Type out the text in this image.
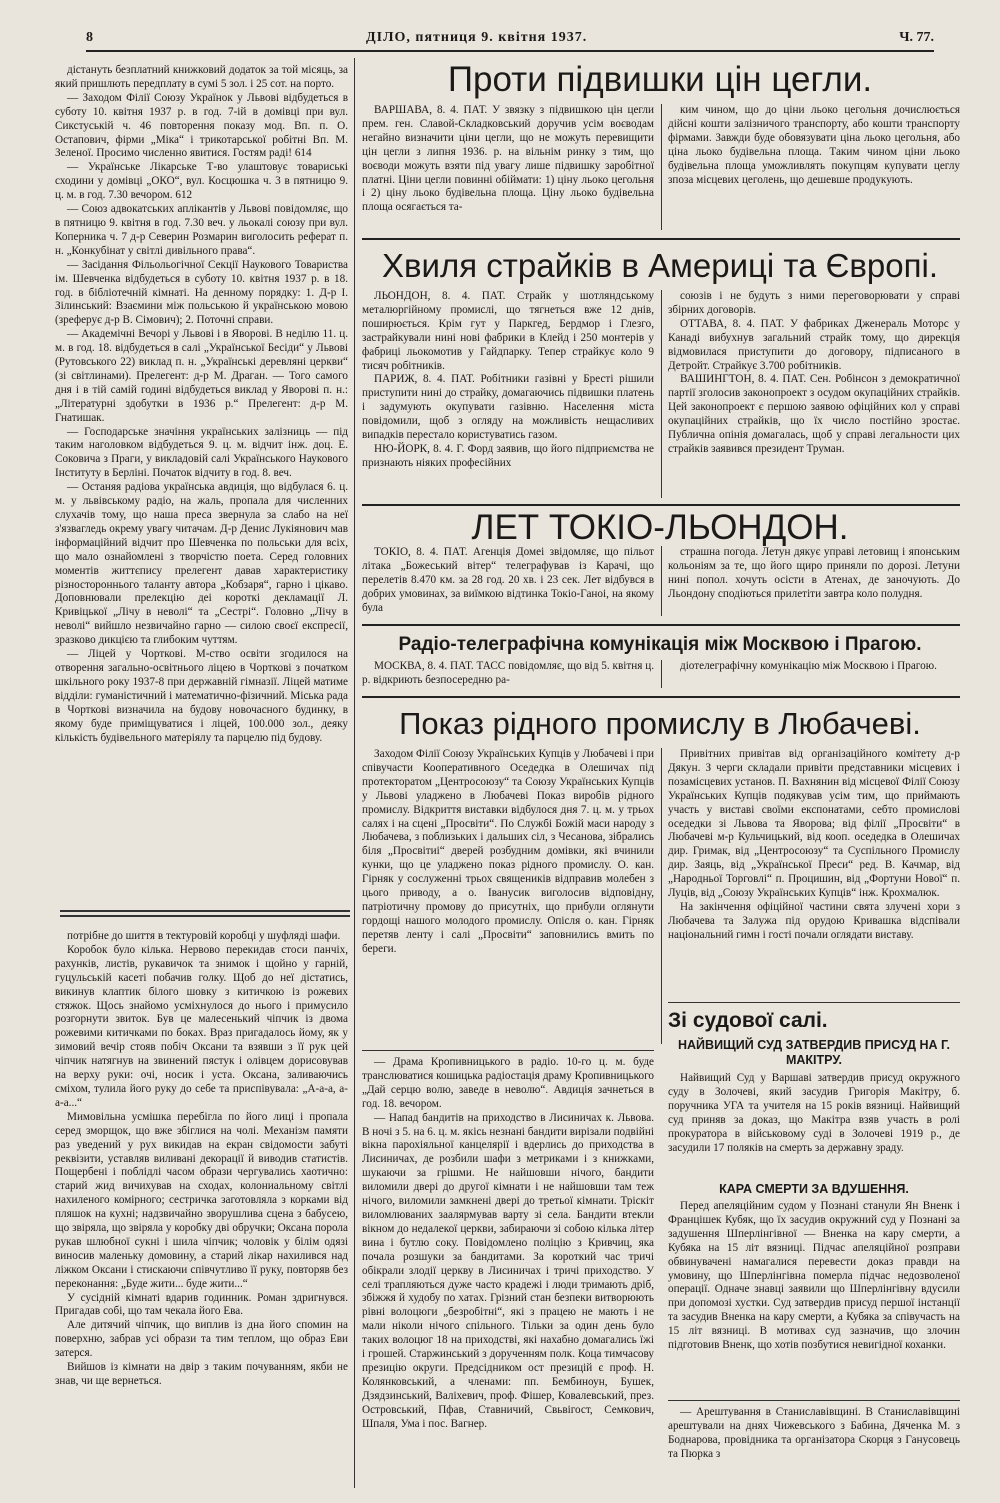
8	ДІЛО, пятниця 9. квітня 1937.	Ч. 77.

дістануть безплатний книжковий додаток за той місяць, за який пришлють передплату в сумі 5 зол. і 25 сот. на порто.

— Заходом Філії Союзу Українок у Львові відбудеться в суботу 10. квітня 1937 р. в год. 7-ій в домівці при вул. Сикстуській ч. 46 повторення показу мод. Вп. п. О. Остапович, фірми „Міка“ і трикотарської робітні Вп. М. Зеленої. Просимо численно явитися. Гостям раді! 614

— Українське Лікарське Т-во улаштовує товариські сходини у домівці „ОКО“, вул. Косцюшка ч. 3 в пятницю 9. ц. м. в год. 7.30 вечором. 612

— Союз адвокатських аплікантів у Львові повідомляє, що в пятницю 9. квітня в год. 7.30 веч. у льокалі союзу при вул. Коперника ч. 7 д-р Северин Розмарин виголосить реферат п. н. „Конкубінат у світлі дивільного права“.

— Засідання Фільольогічної Секції Наукового Товариства ім. Шевченка відбудеться в суботу 10. квітня 1937 р. в 18. год. в бібліотечній кімнаті. На денному порядку: 1. Д-р І. Зілинський: Взаємини між польською й українською мовою (зреферує д-р В. Сімович); 2. Поточні справи.

— Академічні Вечорі у Львові і в Яворові. В неділю 11. ц. м. в год. 18. відбудеться в салі „Української Бесіди“ у Львові (Рутовського 22) виклад п. н. „Українські деревляні церкви“ (зі світлинами). Прелегент: д-р М. Драган. — Того самого дня і в тій самій годині відбудеться виклад у Яворові п. н.: „Літературні здобутки в 1936 р.“ Прелегент: д-р М. Гнатишак.

— Господарське значіння українських залізниць — під таким наголовком відбудеться 9. ц. м. відчит інж. доц. Е. Соковича з Праги, у викладовій салі Українського Наукового Інституту в Берліні. Початок відчиту в год. 8. веч.

— Останяя радіова українська авдиція, що відбулася 6. ц. м. у львівському радіо, на жаль, пропала для численних слухачів тому, що наша преса звернула за слабо на неї з'язвагледь окрему увагу читачам. Д-р Денис Лукіянович мав інформаційний відчит про Шевченка по польськи для всіх, що мало ознайомлені з творчістю поета. Серед головних моментів життєпису прелегент давав характеристику різностороннього таланту автора „Кобзаря“, гарно і цікаво. Доповнювали прелекцію деі короткі декламації Л. Кривіцької „Лічу в неволі“ та „Сестрі“. Головно „Лічу в неволі“ вийшло незвичайно гарно — силою своєї експресії, зразково дикцією та глибоким чуттям.

— Ліцей у Чорткові. М-ство освіти згодилося на отворення загально-освітнього ліцею в Чорткові з початком шкільного року 1937-8 при державній гімназії. Ліцей матиме відділи: гуманістичний і математично-фізичний. Міська рада в Чорткові визначила на будову новочасного будинку, в якому буде приміщуватися і ліцей, 100.000 зол., деяку кількість будівельного матеріялу та парцелю під будову.

потрібне до шиття в тектуровій коробці у шуфляді шафи.

Коробок було кілька. Нервово перекидав стоси панчіх, рахунків, листів, рукавичок та знимок і щойно у гарній, гуцульській касеті побачив голку. Щоб до неї дістатись, викинув клаптик білого шовку з китичкою із рожевих стяжок. Щось знайомо усміхнулося до нього і примусило розгорнути звиток. Був це малесенький чіпчик із двома рожевими китичками по боках. Враз пригадалось йому, як у зимовий вечір стояв побіч Оксани та взявши з її рук цей чіпчик натягнув на звинений пястук і олівцем дорисовував на верху руки: очі, носик і уста. Оксана, заливаючись сміхом, тулила його руку до себе та приспівувала: „А-а-а, а-а-а...“

Мимовільна усмішка перебігла по його лиці і пропала серед зморщок, що вже збіглися на чолі. Механізм памяти раз уведений у рух викидав на екран свідомости забуті реквізити, уставляв виливані декорації й виводив статистів. Пощербені і поблідлі часом образи чергувались хаотично: старий жид вичихував на сходах, колониальному світлі нахиленого комірного; сестричка заготовляла з корками від пляшок на кухні; надзвичайно зворушлива сцена з бабусею, що звіряла, що звіряла у коробку дві обручки; Оксана порола рукав шлюбної сукні і шила чіпчик; чоловік у білім одязі виносив маленьку домовину, а старий лікар нахилився над ліжком Оксани і стискаючи співчутливо її руку, повторяв без переконання: „Буде жити... буде жити...“

У сусідній кімнаті вдарив годинник. Роман здригнувся. Пригадав собі, що там чекала його Ева.

Але дитячий чіпчик, що виплив із дна його спомин на поверхню, забрав усі образи та тим теплом, що образ Еви затерся.

Вийшов із кімнати на двір з таким почуванням, якби не знав, чи ще вернеться.

Проти підвишки цін цегли.

ВАРШАВА, 8. 4. ПАТ. У звязку з підвишкою цін цегли прем. ген. Славой-Складковський доручив усім воєводам негайно визначити ціни цегли, що не можуть перевищити цін цегли з липня 1936. р. на вільнім ринку з тим, що воєводи можуть взяти під увагу лише підвишку заробітної платні. Ціни цегли повинні обіймати: 1) ціну льоко цегольня і 2) ціну льоко будівельна площа. Ціну льоко будівельна площа осягається та-

ким чином, що до ціни льоко цегольня дочислюється дійсні кошти залізничого транспорту, або кошти транспорту фірмами. Завжди буде обовязувати ціна льоко цегольня, або ціна льоко будівельна площа. Таким чином ціни льоко будівельна площа уможливлять покупцям купувати цеглу зпоза місцевих цеголень, що дешевше продукують.

Хвиля страйків в Америці та Європі.

ЛЬОНДОН, 8. 4. ПАТ. Страйк у шотляндському металюргійному промислі, що тягнеться вже 12 днів, поширюється. Крім гут у Паркгед, Бердмор і Глезго, застрайкували нині нові фабрики в Клейд і 250 монтерів у фабриці льокомотив у Гайдпарку. Тепер страйкує коло 9 тисяч робітників.

ПАРИЖ, 8. 4. ПАТ. Робітники газівні у Бресті рішили приступити нині до страйку, домагаючись підвишки платень і задумують окупувати газівню. Населення міста повідомили, щоб з огляду на можливість нещасливих випадків перестало користуватись газом.

НЮ-ЙОРК, 8. 4. Г. Форд заявив, що його підприємства не признають ніяких професійних

союзів і не будуть з ними переговорювати у справі збірних договорів.

ОТТАВА, 8. 4. ПАТ. У фабриках Дженераль Моторс у Канаді вибухнув загальний страйк тому, що дирекція відмовилася приступити до договору, підписаного в Детройт. Страйкує 3.700 робітників.

ВАШИНГТОН, 8. 4. ПАТ. Сен. Робінсон з демократичної партії зголосив законопроект з осудом окупаційних страйків. Цей законопроект є першою заявою офіційних кол у справі окупаційних страйків, що їх число постійно зростає. Публична опінія домагалась, щоб у справі легальности цих страйків заявився президент Труман.

ЛЕТ ТОКІО-ЛЬОНДОН.

ТОКІО, 8. 4. ПАТ. Агенція Домеі звідомляє, що пільот літака „Божеський вітер“ телеграфував із Карачі, що перелетів 8.470 км. за 28 год. 20 хв. і 23 сек. Лет відбувся в добрих умовинах, за виїмкою відтинка Токіо-Ганоі, на якому була

страшна погода. Летун дякує управі летовищ і японським кольоніям за те, що його щиро приняли по дорозі. Летуни нині попол. хочуть осісти в Атенах, де заночують. До Льондону сподіються прилетіти завтра коло полудня.

Радіо-телеграфічна комунікація між Москвою і Прагою.

МОСКВА, 8. 4. ПАТ. ТАСС повідомляє, що від 5. квітня ц. р. відкриють безпосередню ра-

діотелеграфічну комунікацію між Москвою і Прагою.

Показ рідного промислу в Любачеві.

Заходом Філії Союзу Українських Купців у Любачеві і при співучасти Кооперативного Оседедка в Олешичах під протекторатом „Центросоюзу“ та Союзу Українських Купців у Львові уладжено в Любачеві Показ виробів рідного промислу. Відкриття виставки відбулося дня 7. ц. м. у трьох салях і на сцені „Просвіти“. По Службі Божій маси народу з Любачева, з поблизьких і дальших сіл, з Чесанова, зібрались біля „Просвітиі“ дверей розбудним домівки, які вчинили кунки, що це уладжено показ рідного промислу. О. кан. Гірняк у сослуженні трьох священиків відправив молебен з цього приводу, а о. Іванусик виголосив відповідну, патріотичну промову до присутніх, що прибули оглянути гордощі нашого молодого промислу. Опісля о. кан. Гірняк перетяв ленту і салі „Просвіти“ заповнились вмить по береги.

Привітних привітав від організаційного комітету д-р Дякун. З черги складали привіти представники місцевих і позамісцевих установ. П. Вахнянин від місцевої Філії Союзу Українських Купців подякував усім тим, що приймають участь у виставі своїми експонатами, себто промислові оседедки зі Львова та Яворова; від філії „Просвіти“ в Любачеві м-р Кульчицький, від кооп. оседедка в Олешичах дир. Гримак, від „Центросоюзу“ та Суспільного Промислу дир. Заяць, від „Української Преси“ ред. В. Качмар, від „Народньої Торговлі“ п. Процишин, від „Фортуни Нової“ п. Луців, від „Союзу Українських Купців“ інж. Крохмалюк.

На закінчення офіційної частини свята злучені хори з Любачева та Залужа під орудою Кривашка відспівали національний гимн і гості почали оглядати виставу.

— Драма Кропивницького в радіо. 10-го ц. м. буде транслюватися кошицька радіостація драму Кропивницького „Дай серцю волю, заведе в неволю“. Авдиція зачнеться в год. 18. вечором.

— Напад бандитів на приходство в Лисиничах к. Львова. В ночі з 5. на 6. ц. м. якісь незнані бандити вирізали подвійні вікна парохіяльної канцелярії і вдерлись до приходства в Лисиничах, де розбили шафи з метриками і з книжками, шукаючи за грішми. Не найшовши нічого, бандити виломили двері до другої кімнати і не найшовши там теж нічого, виломили замкнені двері до третьої кімнати. Тріскіт виломлюваних заалярмував варту зі села. Бандити втекли вікном до недалекої церкви, забираючи зі собою кілька літер вина і бутлю соку. Повідомлено поліцію з Кривчиц, яка почала розшуки за бандитами. За короткий час тричі обікрали злодії церкву в Лисиничах і тричі приходство. У селі трапляються дуже часто крадежі і люди тримають дріб, збіжжя й худобу по хатах. Грізний стан безпеки витворюють рівні волоцюги „безробітні“, які з працею не мають і не мали ніколи нічого спільного. Тільки за один день було таких волоцюг 18 на приходстві, які нахабно домагались їжі і грошей. Старжинський з дорученням полк. Коца тимчасову презицію округи. Предсідником ост презицій є проф. Н. Колянковський, а членами: пп. Бембиноун, Бушек, Дзядзинський, Валіхевич, проф. Фішер, Ковалевський, през. Островський, Пфав, Ставничий, Свьвігост, Семкович, Шпаля, Ума і пос. Вагнер.

Зі судової салі.
НАЙВИЩИЙ СУД ЗАТВЕРДИВ ПРИСУД НА Г. МАКІТРУ.

Найвищий Суд у Варшаві затвердив присуд окружного суду в Золочеві, який засудив Григорія Макітру, б. поручника УГА та учителя на 15 років вязниці. Найвищий суд приняв за доказ, що Макітра взяв участь в ролі прокуратора в військовому суді в Золочеві 1919 р., де засудили 17 поляків на смерть за державну зраду.

КАРА СМЕРТИ ЗА ВДУШЕННЯ.

Перед апеляційним судом у Познані станули Ян Вненк і Францішек Кубяк, що їх засудив окружний суд у Познані за задушення Шперлінгівної — Вненка на кару смерти, а Кубяка на 15 літ вязниці. Підчас апеляційної розправи обвинувачені намагалися перевести доказ правди на умовину, що Шперлінгівна померла підчас недозволеної операції. Одначе знавці заявили що Шперлінгівну вдусили при допомозі хустки. Суд затвердив присуд першої інстанції та засудив Вненка на кару смерти, а Кубяка за співучасть на 15 літ вязниці. В мотивах суд зазначив, що злочин підготовив Вненк, що хотів позбутися невигідної коханки.

— Арештування в Станиславівщині. В Станиславівщині арештували на днях Чижевського з Бабина, Дяченка М. з Боднарова, провідника та організатора Скорця з Ганусовець та Пюрка з
